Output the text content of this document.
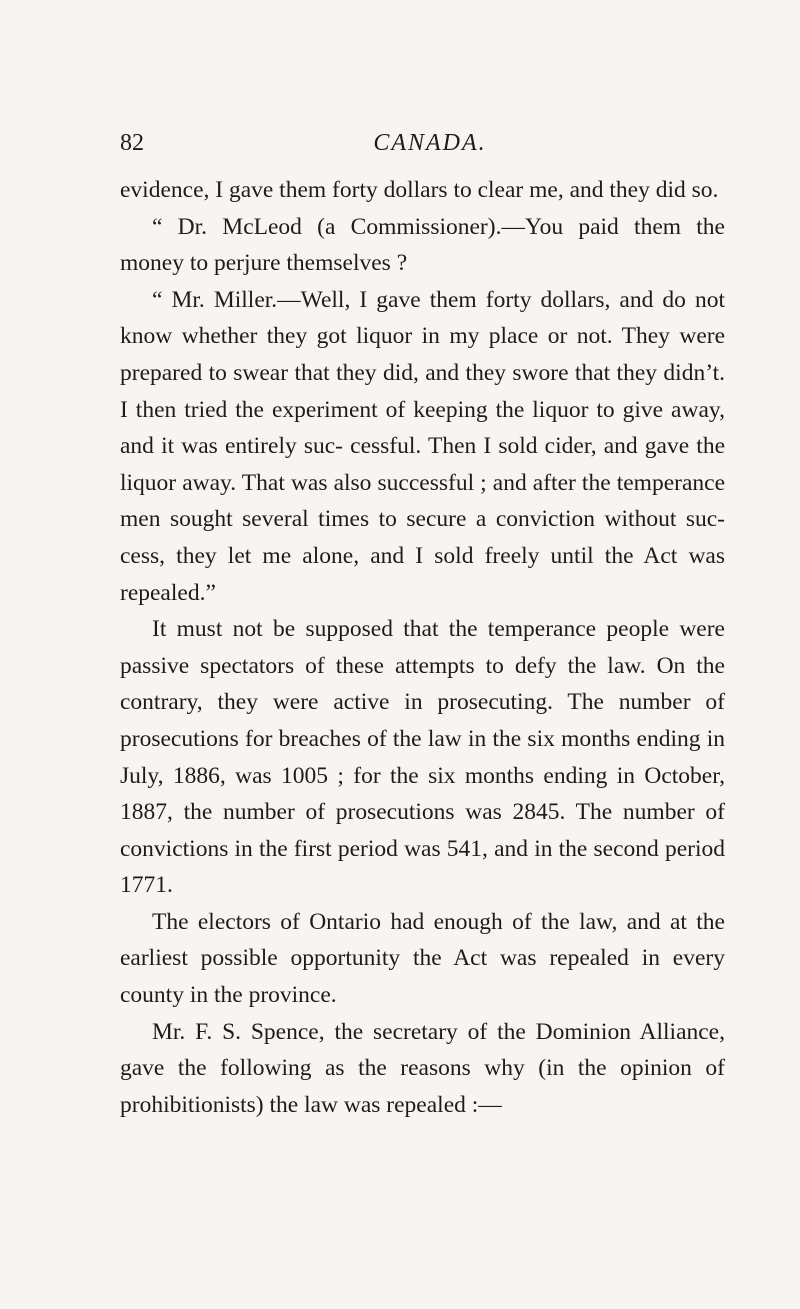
82	CANADA.

evidence, I gave them forty dollars to clear me, and they did so.

“ Dr. McLeod (a Commissioner).—You paid them the money to perjure themselves ?

“ Mr. Miller.—Well, I gave them forty dollars, and do not know whether they got liquor in my place or not. They were prepared to swear that they did, and they swore that they didn’t. I then tried the experiment of keeping the liquor to give away, and it was entirely suc- cessful. Then I sold cider, and gave the liquor away. That was also successful ; and after the temperance men sought several times to secure a conviction without suc- cess, they let me alone, and I sold freely until the Act was repealed.”

It must not be supposed that the temperance people were passive spectators of these attempts to defy the law. On the contrary, they were active in prosecuting. The number of prosecutions for breaches of the law in the six months ending in July, 1886, was 1005 ; for the six months ending in October, 1887, the number of prosecutions was 2845. The number of convictions in the first period was 541, and in the second period 1771.

The electors of Ontario had enough of the law, and at the earliest possible opportunity the Act was repealed in every county in the province.

Mr. F. S. Spence, the secretary of the Dominion Alliance, gave the following as the reasons why (in the opinion of prohibitionists) the law was repealed :—
